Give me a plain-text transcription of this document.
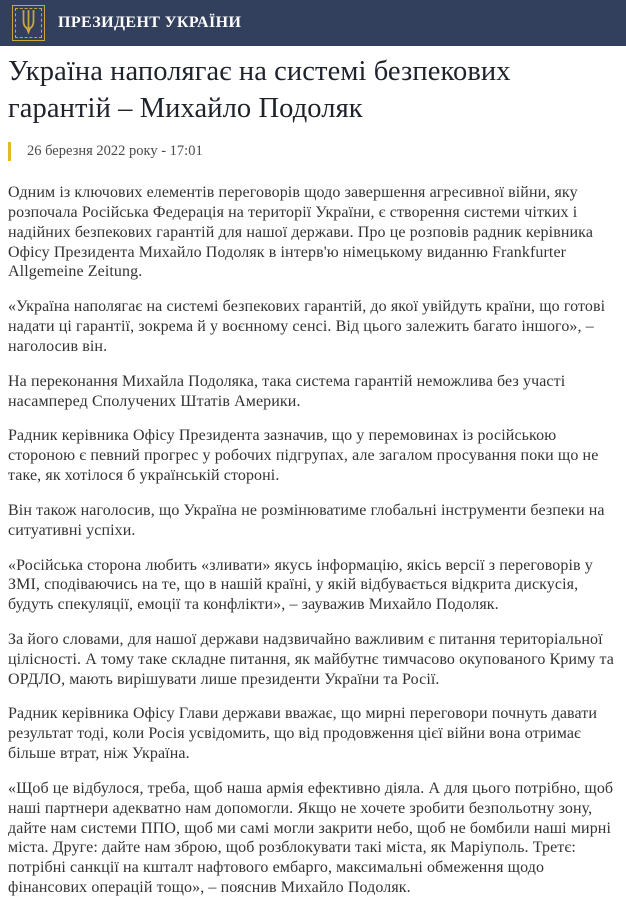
ПРЕЗИДЕНТ УКРАЇНИ
Україна наполягає на системі безпекових гарантій – Михайло Подоляк
26 березня 2022 року - 17:01

Одним із ключових елементів переговорів щодо завершення агресивної війни, яку розпочала Російська Федерація на території України, є створення системи чітких і надійних безпекових гарантій для нашої держави. Про це розповів радник керівника Офісу Президента Михайло Подоляк в інтерв'ю німецькому виданню Frankfurter Allgemeine Zeitung.

«Україна наполягає на системі безпекових гарантій, до якої увійдуть країни, що готові надати ці гарантії, зокрема й у воєнному сенсі. Від цього залежить багато іншого», – наголосив він.

На переконання Михайла Подоляка, така система гарантій неможлива без участі насамперед Сполучених Штатів Америки.

Радник керівника Офісу Президента зазначив, що у перемовинах із російською стороною є певний прогрес у робочих підгрупах, але загалом просування поки що не таке, як хотілося б українській стороні.

Він також наголосив, що Україна не розмінюватиме глобальні інструменти безпеки на ситуативні успіхи.

«Російська сторона любить «зливати» якусь інформацію, якісь версії з переговорів у ЗМІ, сподіваючись на те, що в нашій країні, у якій відбувається відкрита дискусія, будуть спекуляції, емоції та конфлікти», – зауважив Михайло Подоляк.

За його словами, для нашої держави надзвичайно важливим є питання територіальної цілісності. А тому таке складне питання, як майбутнє тимчасово окупованого Криму та ОРДЛО, мають вирішувати лише президенти України та Росії.

Радник керівника Офісу Глави держави вважає, що мирні переговори почнуть давати результат тоді, коли Росія усвідомить, що від продовження цієї війни вона отримає більше втрат, ніж Україна.

«Щоб це відбулося, треба, щоб наша армія ефективно діяла. А для цього потрібно, щоб наші партнери адекватно нам допомогли. Якщо не хочете зробити безпольотну зону, дайте нам системи ППО, щоб ми самі могли закрити небо, щоб не бомбили наші мирні міста. Друге: дайте нам зброю, щоб розблокувати такі міста, як Маріуполь. Третє: потрібні санкції на кшталт нафтового ембарго, максимальні обмеження щодо фінансових операцій тощо», – пояснив Михайло Подоляк.
